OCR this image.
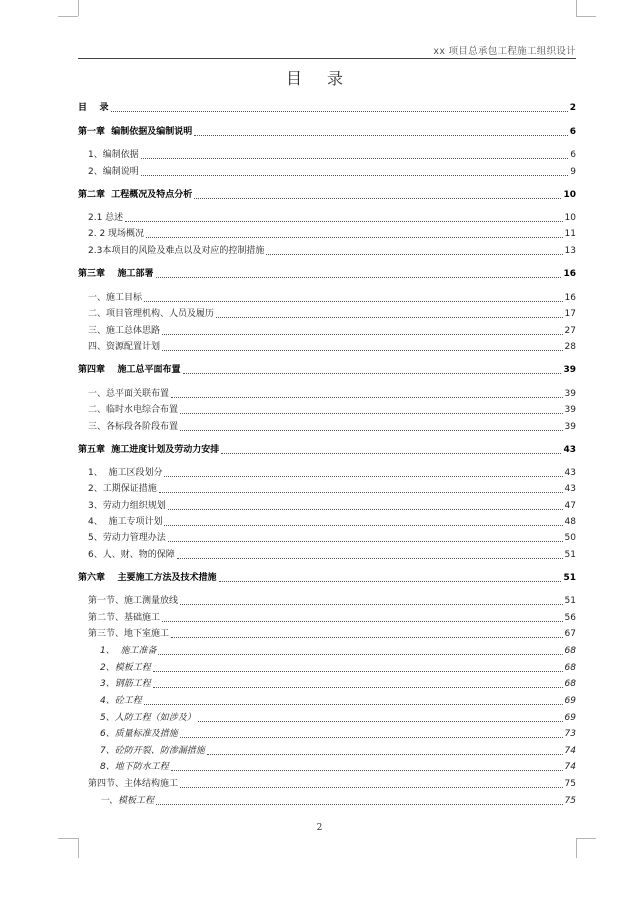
xx 项目总承包工程施工组织设计
目 录
目    录	2
第一章  编制依据及编制说明	6
1、编制依据	6
2、编制说明	9
第二章  工程概况及特点分析	10
2.1 总述	10
2. 2 现场概况	11
2.3本项目的风险及难点以及对应的控制措施	13
第三章    施工部署	16
一、施工目标	16
二、项目管理机构、人员及履历	17
三、施工总体思路	27
四、资源配置计划	28
第四章    施工总平面布置	39
一、总平面关联布置	39
二、临时水电综合布置	39
三、各标段各阶段布置	39
第五章  施工进度计划及劳动力安排	43
1、  施工区段划分	43
2、工期保证措施	43
3、劳动力组织规划	47
4、  施工专项计划	48
5、劳动力管理办法	50
6、人、财、物的保障	51
第六章    主要施工方法及技术措施	51
第一节、施工测量放线	51
第二节、基础施工	56
第三节、地下室施工	67
1、  施工准备	68
2、模板工程	68
3、钢筋工程	68
4、砼工程	69
5、人防工程（如涉及）	69
6、质量标准及措施	73
7、砼防开裂、防渗漏措施	74
8、地下防水工程	74
第四节、主体结构施工	75
一、模板工程	75
2
